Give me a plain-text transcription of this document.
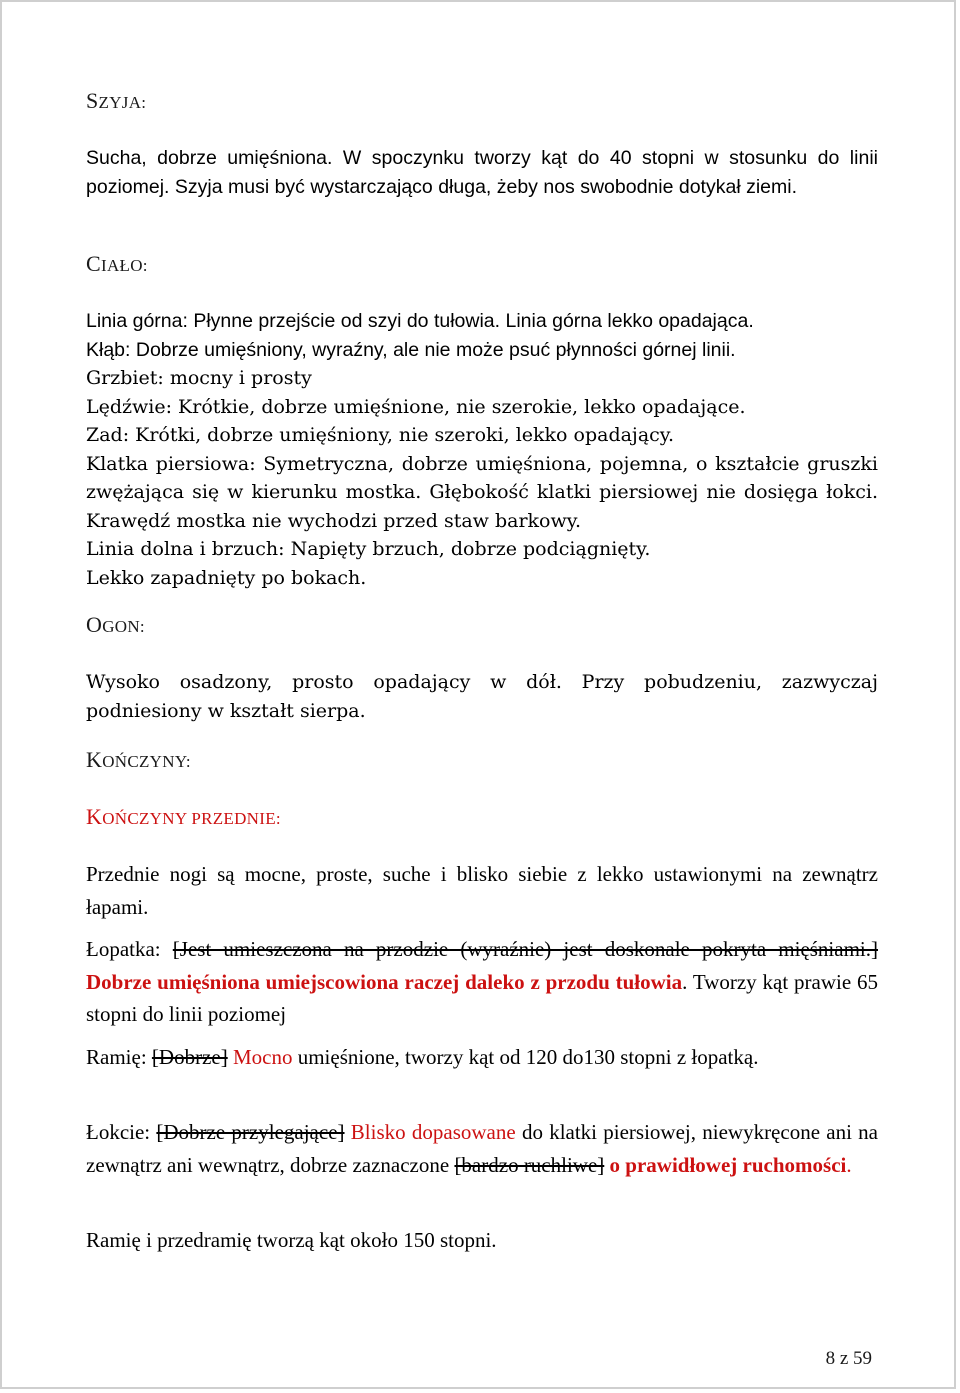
SZYJA:
Sucha, dobrze umięśniona. W spoczynku tworzy kąt do 40 stopni w stosunku do linii poziomej. Szyja musi być wystarczająco długa, żeby nos swobodnie dotykał ziemi.
CIAŁO:
Linia górna: Płynne przejście od szyi do tułowia. Linia górna lekko opadająca.
Kłąb: Dobrze umięśniony, wyraźny, ale nie może psuć płynności górnej linii.
Grzbiet: mocny i prosty
Lędźwie: Krótkie, dobrze umięśnione, nie szerokie, lekko opadające.
Zad: Krótki, dobrze umięśniony, nie szeroki, lekko opadający.
Klatka piersiowa: Symetryczna, dobrze umięśniona, pojemna, o kształcie gruszki zwężająca się w kierunku mostka. Głębokość klatki piersiowej nie dosięga łokci. Krawędź mostka nie wychodzi przed staw barkowy.
Linia dolna i brzuch: Napięty brzuch, dobrze podciągnięty.
Lekko zapadnięty po bokach.
OGON:
Wysoko osadzony, prosto opadający w dół. Przy pobudzeniu, zazwyczaj podniesiony w kształt sierpa.
KOŃCZYNY:
KOŃCZYNY PRZEDNIE:
Przednie nogi są mocne, proste, suche i blisko siebie z lekko ustawionymi na zewnątrz łapami.
Łopatka: [Jest umieszczona na przodzie (wyraźnie) jest doskonale pokryta mięśniami.] Dobrze umięśniona umiejscowiona raczej daleko z przodu tułowia. Tworzy kąt prawie 65 stopni do linii poziomej
Ramię: [Dobrze] Mocno umięśnione, tworzy kąt od 120 do130 stopni z łopatką.
Łokcie: [Dobrze przylegające] Blisko dopasowane do klatki piersiowej, niewykręcone ani na zewnątrz ani wewnątrz, dobrze zaznaczone [bardzo ruchliwe] o prawidłowej ruchomości.
Ramię i przedramię tworzą kąt około 150 stopni.
8 z 59
